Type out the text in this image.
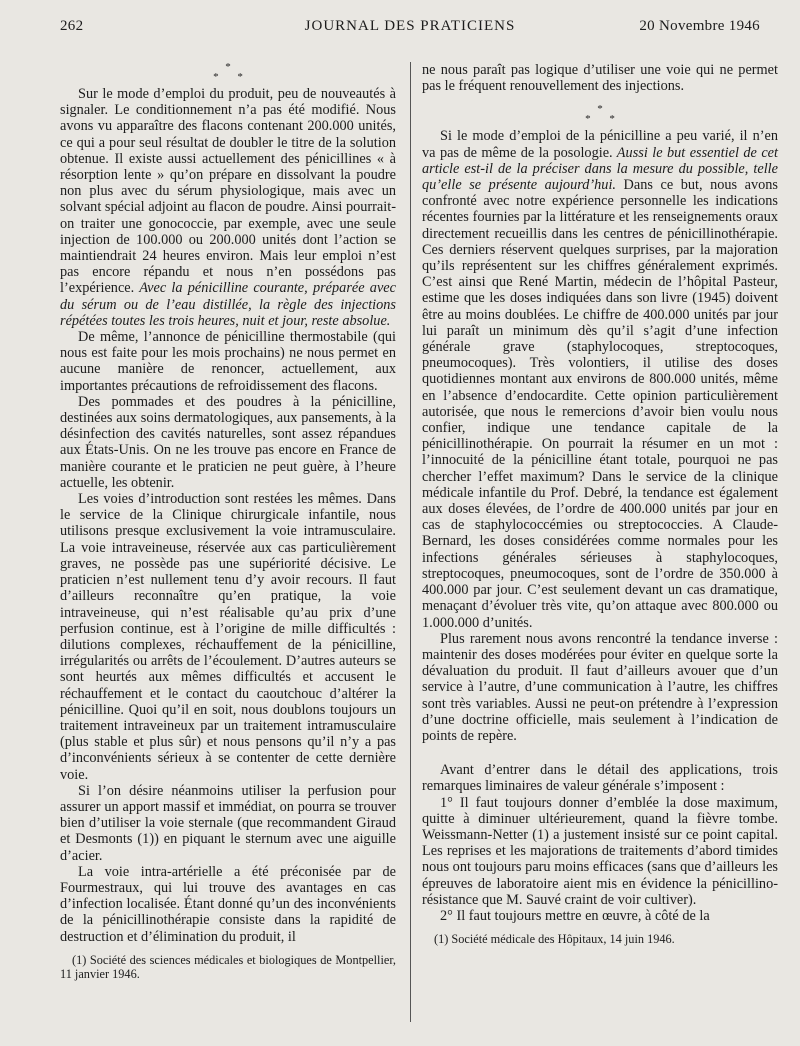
262	JOURNAL DES PRATICIENS	20 Novembre 1946
*
* *

Sur le mode d’emploi du produit, peu de nouveautés à signaler. Le conditionnement n’a pas été modifié. Nous avons vu apparaître des flacons contenant 200.000 unités, ce qui a pour seul résultat de doubler le titre de la solution obtenue. Il existe aussi actuellement des pénicillines « à résorption lente » qu’on prépare en dissolvant la poudre non plus avec du sérum physiologique, mais avec un solvant spécial adjoint au flacon de poudre. Ainsi pourrait-on traiter une gonococcie, par exemple, avec une seule injection de 100.000 ou 200.000 unités dont l’action se maintiendrait 24 heures environ. Mais leur emploi n’est pas encore répandu et nous n’en possédons pas l’expérience. Avec la pénicilline courante, préparée avec du sérum ou de l’eau distillée, la règle des injections répétées toutes les trois heures, nuit et jour, reste absolue.

De même, l’annonce de pénicilline thermostabile (qui nous est faite pour les mois prochains) ne nous permet en aucune manière de renoncer, actuellement, aux importantes précautions de refroidissement des flacons.

Des pommades et des poudres à la pénicilline, destinées aux soins dermatologiques, aux pansements, à la désinfection des cavités naturelles, sont assez répandues aux États-Unis. On ne les trouve pas encore en France de manière courante et le praticien ne peut guère, à l’heure actuelle, les obtenir.

Les voies d’introduction sont restées les mêmes. Dans le service de la Clinique chirurgicale infantile, nous utilisons presque exclusivement la voie intramusculaire. La voie intraveineuse, réservée aux cas particulièrement graves, ne possède pas une supériorité décisive. Le praticien n’est nullement tenu d’y avoir recours. Il faut d’ailleurs reconnaître qu’en pratique, la voie intraveineuse, qui n’est réalisable qu’au prix d’une perfusion continue, est à l’origine de mille difficultés : dilutions complexes, réchauffement de la pénicilline, irrégularités ou arrêts de l’écoulement. D’autres auteurs se sont heurtés aux mêmes difficultés et accusent le réchauffement et le contact du caoutchouc d’altérer la pénicilline. Quoi qu’il en soit, nous doublons toujours un traitement intraveineux par un traitement intramusculaire (plus stable et plus sûr) et nous pensons qu’il n’y a pas d’inconvénients sérieux à se contenter de cette dernière voie.

Si l’on désire néanmoins utiliser la perfusion pour assurer un apport massif et immédiat, on pourra se trouver bien d’utiliser la voie sternale (que recommandent Giraud et Desmonts (1)) en piquant le sternum avec une aiguille d’acier.

La voie intra-artérielle a été préconisée par de Fourmestraux, qui lui trouve des avantages en cas d’infection localisée. Étant donné qu’un des inconvénients de la pénicillinothérapie consiste dans la rapidité de destruction et d’élimination du produit, il

(1) Société des sciences médicales et biologiques de Montpellier, 11 janvier 1946.

ne nous paraît pas logique d’utiliser une voie qui ne permet pas le fréquent renouvellement des injections.

*
* *

Si le mode d’emploi de la pénicilline a peu varié, il n’en va pas de même de la posologie. Aussi le but essentiel de cet article est-il de la préciser dans la mesure du possible, telle qu’elle se présente aujourd’hui. Dans ce but, nous avons confronté avec notre expérience personnelle les indications récentes fournies par la littérature et les renseignements oraux directement recueillis dans les centres de pénicillinothérapie. Ces derniers réservent quelques surprises, par la majoration qu’ils représentent sur les chiffres généralement exprimés. C’est ainsi que René Martin, médecin de l’hôpital Pasteur, estime que les doses indiquées dans son livre (1945) doivent être au moins doublées. Le chiffre de 400.000 unités par jour lui paraît un minimum dès qu’il s’agit d’une infection générale grave (staphylocoques, streptocoques, pneumocoques). Très volontiers, il utilise des doses quotidiennes montant aux environs de 800.000 unités, même en l’absence d’endocardite. Cette opinion particulièrement autorisée, que nous le remercions d’avoir bien voulu nous confier, indique une tendance capitale de la pénicillinothérapie. On pourrait la résumer en un mot : l’innocuité de la pénicilline étant totale, pourquoi ne pas chercher l’effet maximum? Dans le service de la clinique médicale infantile du Prof. Debré, la tendance est également aux doses élevées, de l’ordre de 400.000 unités par jour en cas de staphylococcémies ou streptococcies. A Claude-Bernard, les doses considérées comme normales pour les infections générales sérieuses à staphylocoques, streptocoques, pneumocoques, sont de l’ordre de 350.000 à 400.000 par jour. C’est seulement devant un cas dramatique, menaçant d’évoluer très vite, qu’on attaque avec 800.000 ou 1.000.000 d’unités.

Plus rarement nous avons rencontré la tendance inverse : maintenir des doses modérées pour éviter en quelque sorte la dévaluation du produit. Il faut d’ailleurs avouer que d’un service à l’autre, d’une communication à l’autre, les chiffres sont très variables. Aussi ne peut-on prétendre à l’expression d’une doctrine officielle, mais seulement à l’indication de points de repère.

Avant d’entrer dans le détail des applications, trois remarques liminaires de valeur générale s’imposent :

1° Il faut toujours donner d’emblée la dose maximum, quitte à diminuer ultérieurement, quand la fièvre tombe. Weissmann-Netter (1) a justement insisté sur ce point capital. Les reprises et les majorations de traitements d’abord timides nous ont toujours paru moins efficaces (sans que d’ailleurs les épreuves de laboratoire aient mis en évidence la pénicillino-résistance que M. Sauvé craint de voir cultiver).

2° Il faut toujours mettre en œuvre, à côté de la

(1) Société médicale des Hôpitaux, 14 juin 1946.
